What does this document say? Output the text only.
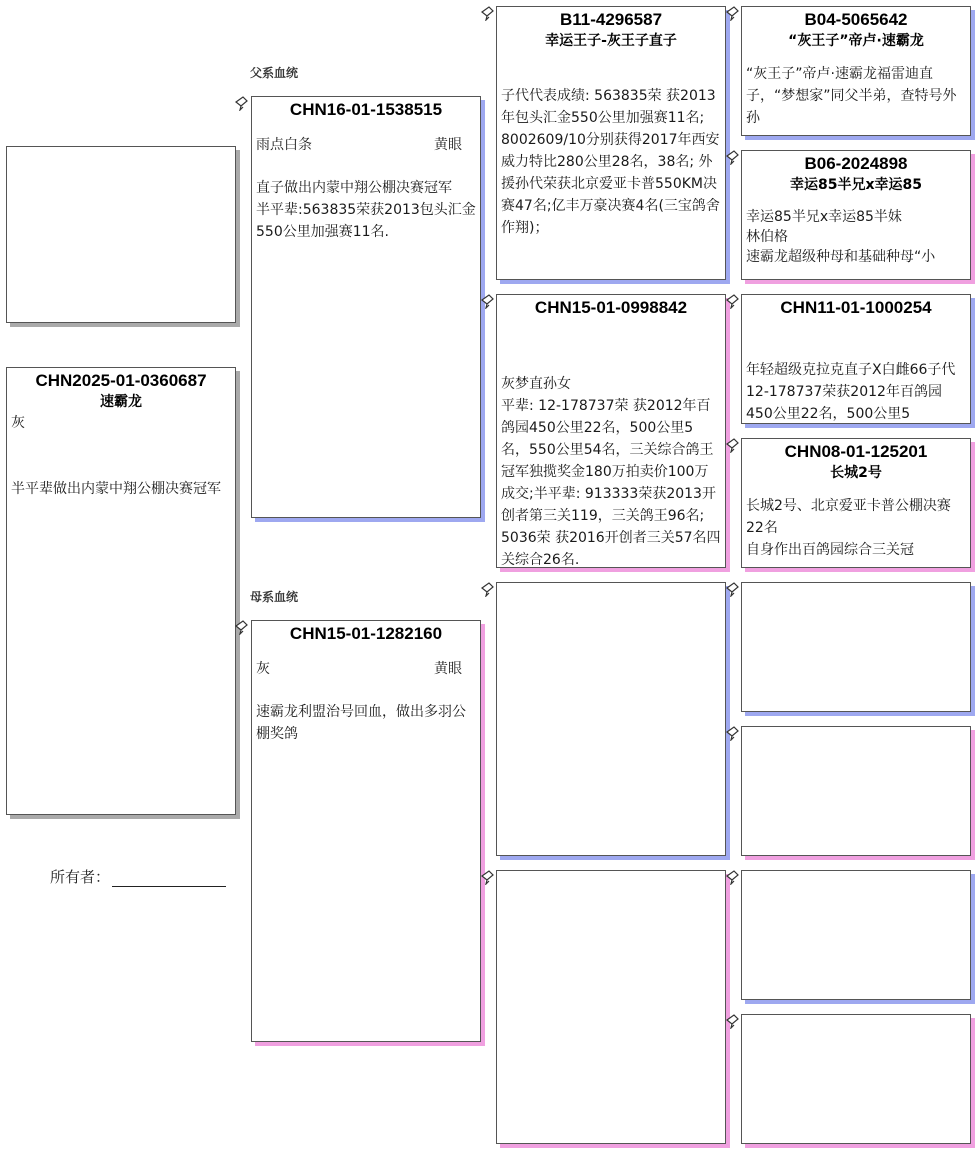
父系血统
母系血统
CHN2025-01-0360687
速霸龙
灰
半平辈做出内蒙中翔公棚决赛冠军
所有者：
CHN16-01-1538515
雨点白条	黄眼
直子做出内蒙中翔公棚决赛冠军
半平辈:563835荣获2013包头汇金550公里加强赛11名.
CHN15-01-1282160
灰	黄眼
速霸龙利盟治号回血，做出多羽公棚奖鸽
B11-4296587
幸运王子-灰王子直子
子代代表成绩: 563835荣 获2013年包头汇金550公里加强赛11名; 8002609/10分别获得2017年西安威力特比280公里28名，38名; 外援孙代荣获北京爱亚卡普550KM决赛47名;亿丰万豪决赛4名(三宝鸽舍作翔)；
CHN15-01-0998842
灰梦直孙女
平辈: 12-178737荣 获2012年百鸽园450公里22名，500公里5名，550公里54名，三关综合鸽王冠军独揽奖金180万拍卖价100万成交;半平辈: 913333荣获2013开创者第三关119，三关鸽王96名; 5036荣 获2016开创者三关57名四关综合26名.
B04-5065642
“灰王子”帝卢·速霸龙
“灰王子”帝卢·速霸龙福雷迪直子，“梦想家”同父半弟，查特号外孙
B06-2024898
幸运85半兄x幸运85
幸运85半兄x幸运85半妹
林伯格
速霸龙超级种母和基础种母“小
CHN11-01-1000254
年轻超级克拉克直子X白雌66子代12-178737荣获2012年百鸽园450公里22名，500公里5
CHN08-01-125201
长城2号
长城2号、北京爱亚卡普公棚决赛22名
自身作出百鸽园综合三关冠
